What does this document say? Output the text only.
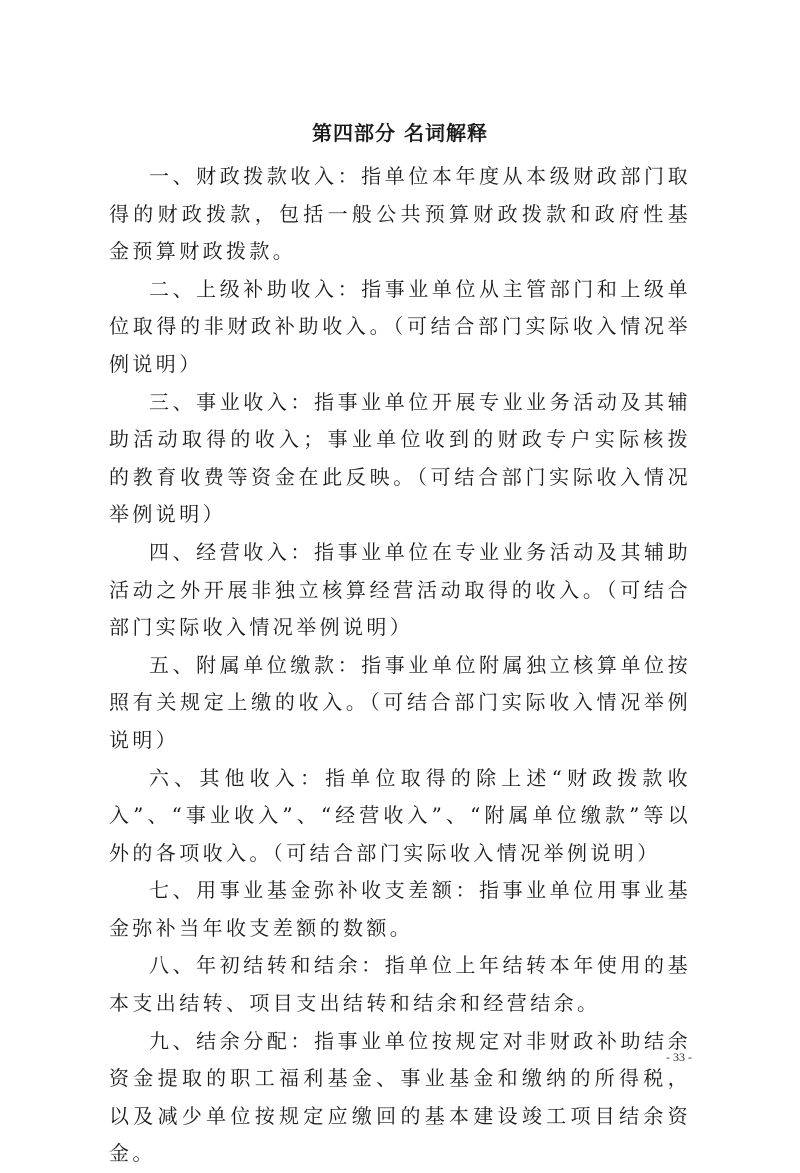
第四部分 名词解释

一、财政拨款收入：指单位本年度从本级财政部门取得的财政拨款，包括一般公共预算财政拨款和政府性基金预算财政拨款。

二、上级补助收入：指事业单位从主管部门和上级单位取得的非财政补助收入。（可结合部门实际收入情况举例说明）

三、事业收入：指事业单位开展专业业务活动及其辅助活动取得的收入；事业单位收到的财政专户实际核拨的教育收费等资金在此反映。（可结合部门实际收入情况举例说明）

四、经营收入：指事业单位在专业业务活动及其辅助活动之外开展非独立核算经营活动取得的收入。（可结合部门实际收入情况举例说明）

五、附属单位缴款：指事业单位附属独立核算单位按照有关规定上缴的收入。（可结合部门实际收入情况举例说明）

六、其他收入：指单位取得的除上述“财政拨款收入”、“事业收入”、“经营收入”、“附属单位缴款”等以外的各项收入。（可结合部门实际收入情况举例说明）

七、用事业基金弥补收支差额：指事业单位用事业基金弥补当年收支差额的数额。

八、年初结转和结余：指单位上年结转本年使用的基本支出结转、项目支出结转和结余和经营结余。

九、结余分配：指事业单位按规定对非财政补助结余资金提取的职工福利基金、事业基金和缴纳的所得税，以及减少单位按规定应缴回的基本建设竣工项目结余资金。

- 33 -
